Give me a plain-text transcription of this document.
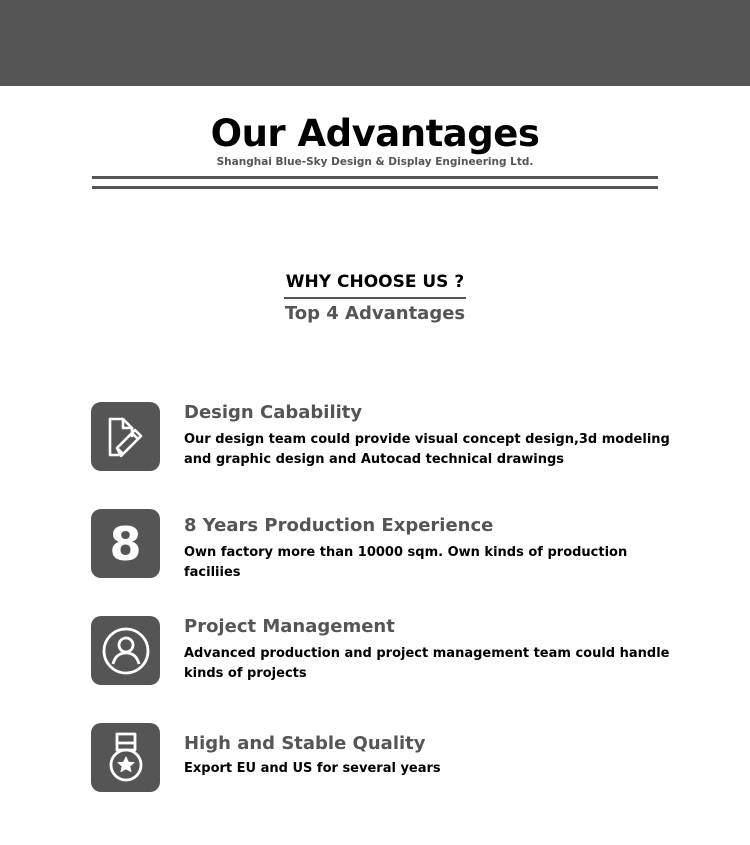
Our Advantages
Shanghai Blue-Sky Design & Display Engineering Ltd.
WHY CHOOSE US ?
Top 4 Advantages
Design Cabability
Our design team could provide visual concept design,3d modeling and graphic design and Autocad technical drawings
8 8 Years Production Experience
Own factory more than 10000 sqm. Own kinds of production faciliies
Project Management
Advanced production and project management team could handle kinds of projects
High and Stable Quality
Export EU and US for several years
